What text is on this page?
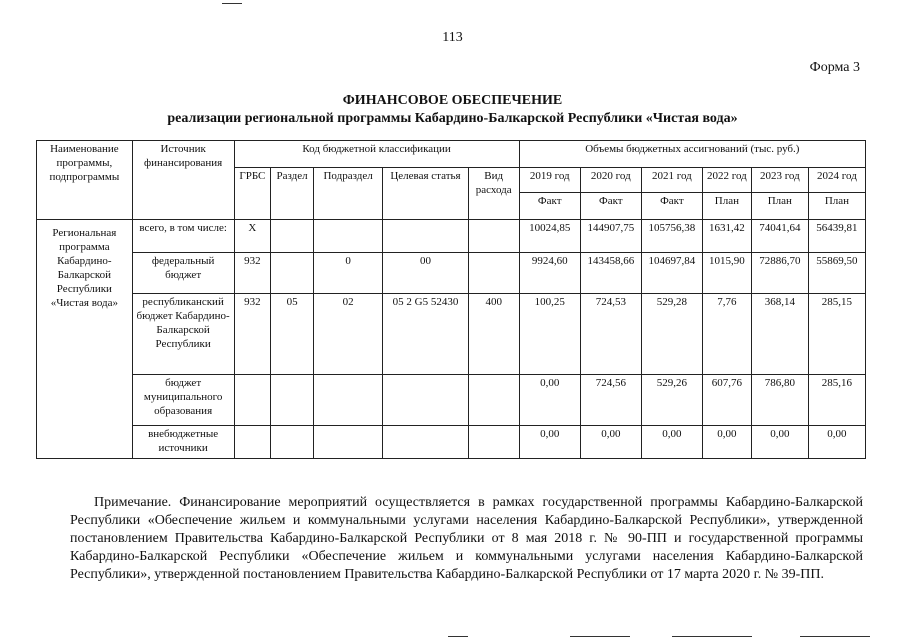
113
Форма 3
ФИНАНСОВОЕ ОБЕСПЕЧЕНИЕ
реализации региональной программы Кабардино-Балкарской Республики «Чистая вода»
Наименование программы, подпрограммы	Источник финансирования	Код бюджетной классификации					Объемы бюджетных ассигнований (тыс. руб.)					
		ГРБС	Раздел	Подраздел	Целевая статья	Вид расхода	2019 год	2020 год	2021 год	2022 год	2023 год	2024 год
							Факт	Факт	Факт	План	План	План
Региональная программа Кабардино-Балкарской Республики «Чистая вода»	всего, в том числе:	Х					10024,85	144907,75	105756,38	1631,42	74041,64	56439,81
	федеральный бюджет	932		0	00		9924,60	143458,66	104697,84	1015,90	72886,70	55869,50
	республиканский бюджет Кабардино-Балкарской Республики	932	05	02	05 2 G5 52430	400	100,25	724,53	529,28	7,76	368,14	285,15
	бюджет муниципального образования						0,00	724,56	529,26	607,76	786,80	285,16
	внебюджетные источники						0,00	0,00	0,00	0,00	0,00	0,00
Примечание. Финансирование мероприятий осуществляется в рамках государственной программы Кабардино-Балкарской Республики «Обеспечение жильем и коммунальными услугами населения Кабардино-Балкарской Республики», утвержденной постановлением Правительства Кабардино-Балкарской Республики от 8 мая 2018 г. № 90-ПП и государственной программы Кабардино-Балкарской Республики «Обеспечение жильем и коммунальными услугами населения Кабардино-Балкарской Республики», утвержденной постановлением Правительства Кабардино-Балкарской Республики от 17 марта 2020 г. № 39-ПП.
